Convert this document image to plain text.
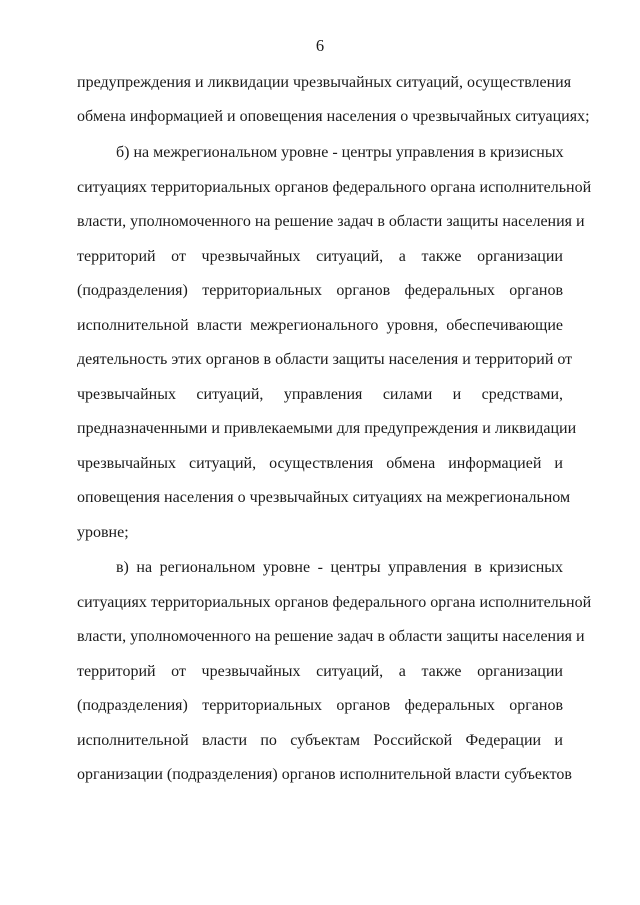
6
предупреждения и ликвидации чрезвычайных ситуаций, осуществления
обмена информацией и оповещения населения о чрезвычайных ситуациях;
б) на межрегиональном уровне - центры управления в кризисных
ситуациях территориальных органов федерального органа исполнительной
власти, уполномоченного на решение задач в области защиты населения и
территорий от чрезвычайных ситуаций, а также организации
(подразделения) территориальных органов федеральных органов
исполнительной власти межрегионального уровня, обеспечивающие
деятельность этих органов в области защиты населения и территорий от
чрезвычайных ситуаций, управления силами и средствами,
предназначенными и привлекаемыми для предупреждения и ликвидации
чрезвычайных ситуаций, осуществления обмена информацией и
оповещения населения о чрезвычайных ситуациях на межрегиональном
уровне;
в) на региональном уровне - центры управления в кризисных
ситуациях территориальных органов федерального органа исполнительной
власти, уполномоченного на решение задач в области защиты населения и
территорий от чрезвычайных ситуаций, а также организации
(подразделения) территориальных органов федеральных органов
исполнительной власти по субъектам Российской Федерации и
организации (подразделения) органов исполнительной власти субъектов
